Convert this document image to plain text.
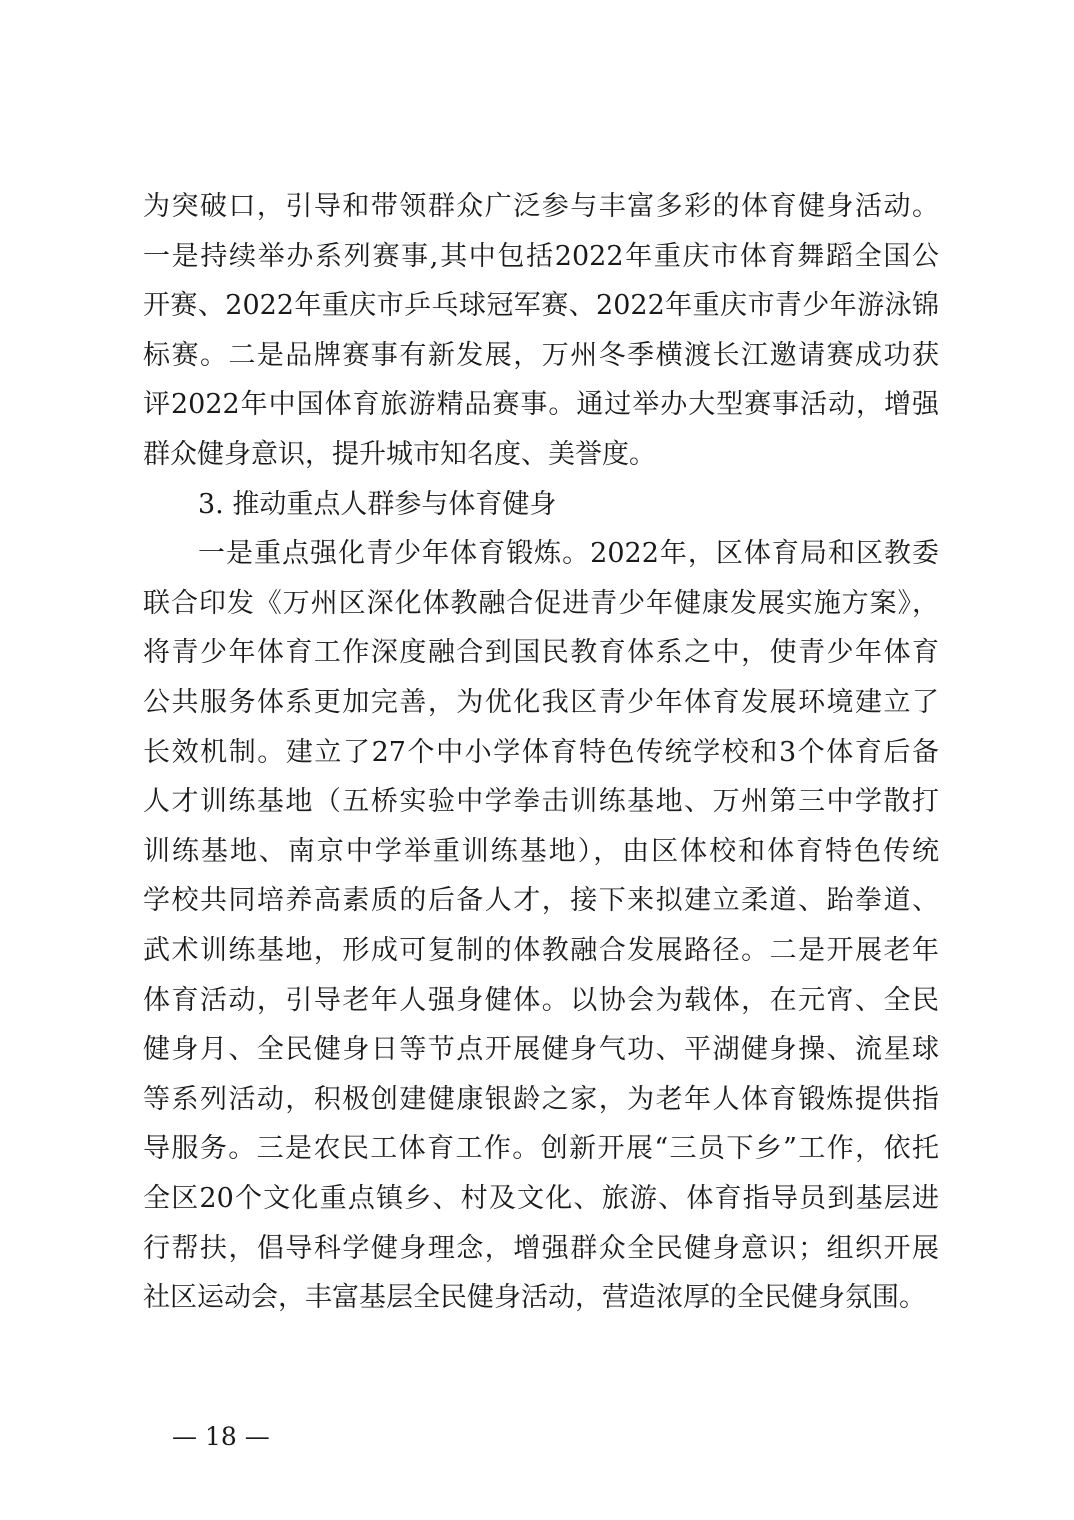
为突破口，引导和带领群众广泛参与丰富多彩的体育健身活动。
一是持续举办系列赛事,其中包括2022年重庆市体育舞蹈全国公
开赛、2022年重庆市乒乓球冠军赛、2022年重庆市青少年游泳锦
标赛。二是品牌赛事有新发展，万州冬季横渡长江邀请赛成功获
评2022年中国体育旅游精品赛事。通过举办大型赛事活动，增强
群众健身意识，提升城市知名度、美誉度。
3. 推动重点人群参与体育健身
一是重点强化青少年体育锻炼。2022年，区体育局和区教委
联合印发《万州区深化体教融合促进青少年健康发展实施方案》，
将青少年体育工作深度融合到国民教育体系之中，使青少年体育
公共服务体系更加完善，为优化我区青少年体育发展环境建立了
长效机制。建立了27个中小学体育特色传统学校和3个体育后备
人才训练基地（五桥实验中学拳击训练基地、万州第三中学散打
训练基地、南京中学举重训练基地），由区体校和体育特色传统
学校共同培养高素质的后备人才，接下来拟建立柔道、跆拳道、
武术训练基地，形成可复制的体教融合发展路径。二是开展老年
体育活动，引导老年人强身健体。以协会为载体，在元宵、全民
健身月、全民健身日等节点开展健身气功、平湖健身操、流星球
等系列活动，积极创建健康银龄之家，为老年人体育锻炼提供指
导服务。三是农民工体育工作。创新开展“三员下乡”工作，依托
全区20个文化重点镇乡、村及文化、旅游、体育指导员到基层进
行帮扶，倡导科学健身理念，增强群众全民健身意识；组织开展
— 18 —
社区运动会，丰富基层全民健身活动，营造浓厚的全民健身氛围。
